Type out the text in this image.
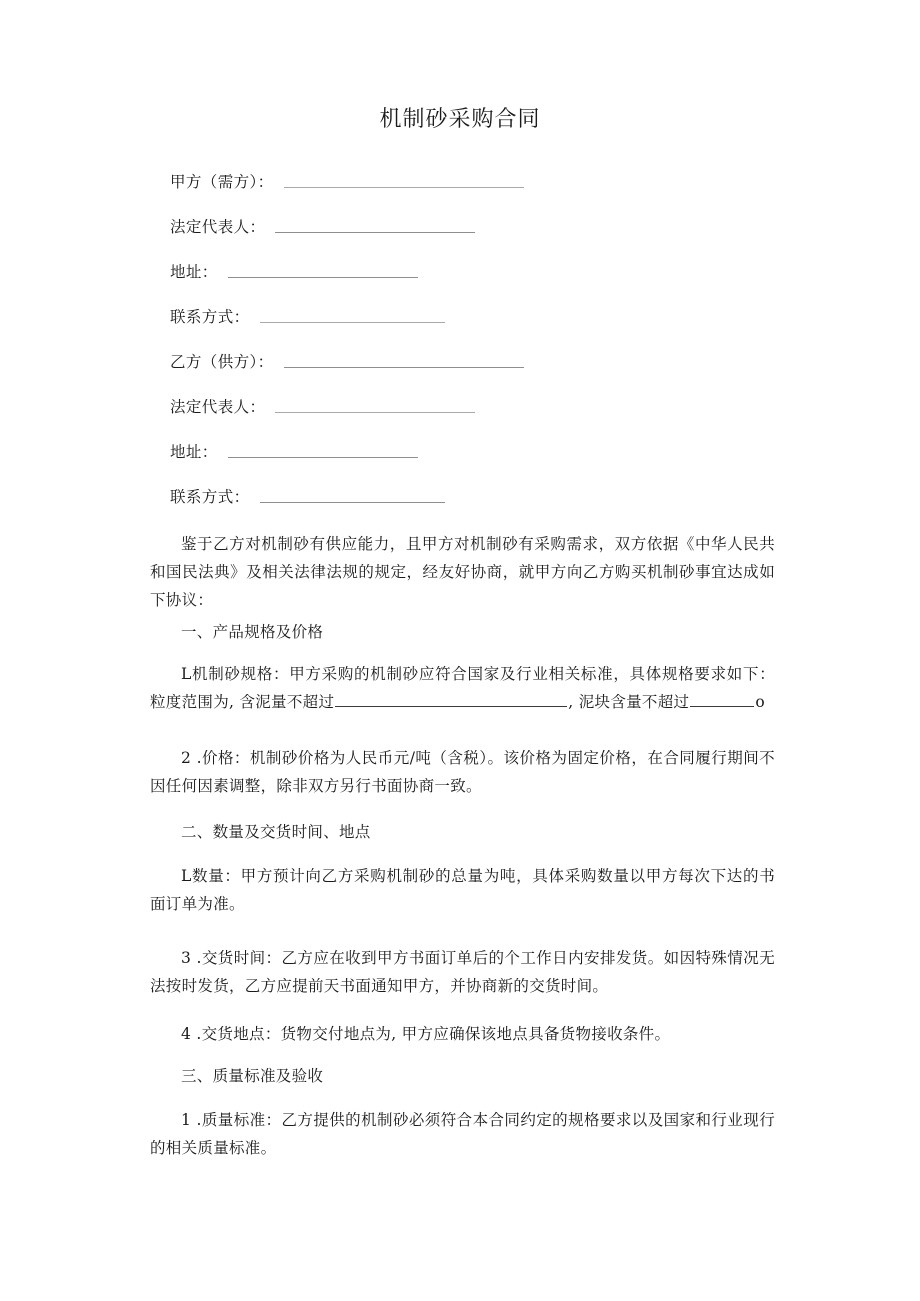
机制砂采购合同
甲方（需方）：
法定代表人：
地址：
联系方式：
乙方（供方）：
法定代表人：
地址：
联系方式：
鉴于乙方对机制砂有供应能力，且甲方对机制砂有采购需求，双方依据《中华人民共和国民法典》及相关法律法规的规定，经友好协商，就甲方向乙方购买机制砂事宜达成如下协议：
一、产品规格及价格
L机制砂规格：甲方采购的机制砂应符合国家及行业相关标准，具体规格要求如下：粒度范围为, 含泥量不超过	, 泥块含量不超过	o
2 .价格：机制砂价格为人民币元/吨（含税）。该价格为固定价格，在合同履行期间不因任何因素调整，除非双方另行书面协商一致。
二、数量及交货时间、地点
L数量：甲方预计向乙方采购机制砂的总量为吨，具体采购数量以甲方每次下达的书面订单为准。
3 .交货时间：乙方应在收到甲方书面订单后的个工作日内安排发货。如因特殊情况无法按时发货，乙方应提前天书面通知甲方，并协商新的交货时间。
4 .交货地点：货物交付地点为, 甲方应确保该地点具备货物接收条件。
三、质量标准及验收
1 .质量标准：乙方提供的机制砂必须符合本合同约定的规格要求以及国家和行业现行的相关质量标准。
